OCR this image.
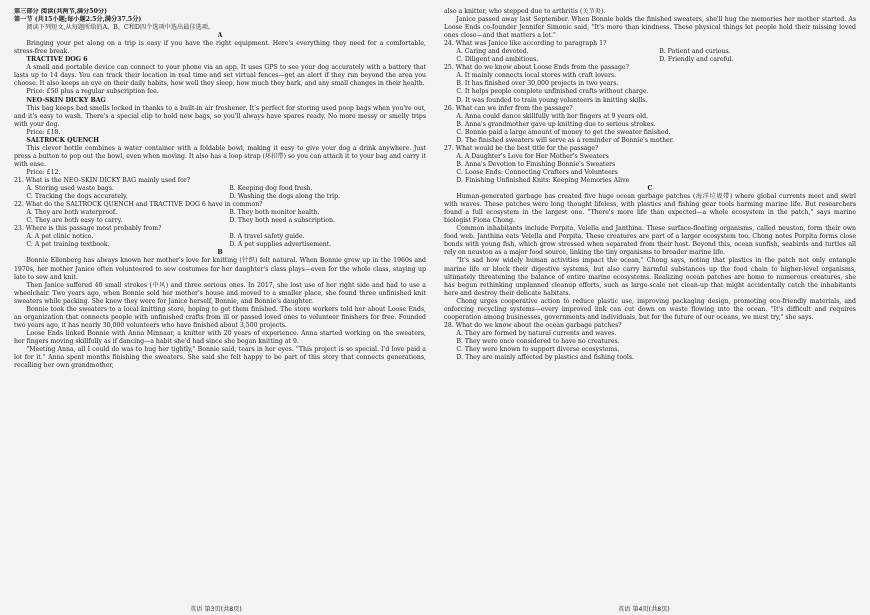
第三部分 阅读(共两节,满分50分)

第一节 (共15小题;每小题2.5分,满分37.5分)

阅读下列短文,从每题所给的A、B、C和D四个选项中选出最佳选项。

A

Bringing your pet along on a trip is easy if you have the right equipment. Here's everything they need for a comfortable, stress-free break.

TRACTIVE DOG 6

A small and portable device can connect to your phone via an app. It uses GPS to see your dog accurately with a battery that lasts up to 14 days. You can track their location in real time and set virtual fences—get an alert if they run beyond the area you choose. It also keeps an eye on their daily habits, how well they sleep, how much they bark, and any small changes in their health.

Price: £50 plus a regular subscription fee.

NEO-SKIN DICKY BAG

This bag keeps bad smells locked in thanks to a built-in air freshener. It's perfect for storing used poop bags when you're out, and it's easy to wash. There's a special clip to hold new bags, so you'll always have spares ready. No more messy or smelly trips with your dog.

Price: £18.

SALTROCK QUENCH

This clever bottle combines a water container with a foldable bowl, making it easy to give your dog a drink anywhere. Just press a button to pop out the bowl, even when moving. It also has a loop strap (环扣带) so you can attach it to your bag and carry it with ease.

Price: £12.

21. What is the NEO-SKIN DICKY BAG mainly used for?

A. Storing used waste bags.	B. Keeping dog food fresh.
C. Tracking the dogs accurately.	D. Washing the dogs along the trip.

22. What do the SALTROCK QUENCH and TRACTIVE DOG 6 have in common?

A. They are both waterproof.	B. They both monitor health.
C. They are both easy to carry.	D. They both need a subscription.

23. Where is this passage most probably from?

A. A pet clinic notice.	B. A travel safety guide.
C. A pet training textbook.	D. A pet supplies advertisement.

B

Bonnie Ellenberg has always known her mother's love for knitting (针织) felt natural. When Bonnie grew up in the 1960s and 1970s, her mother Janice often volunteered to sew costumes for her daughter's class plays—even for the whole class, staying up late to sew and knit.

Then Janice suffered 40 small strokes (中风) and three serious ones. In 2017, she lost use of her right side and had to use a wheelchair. Two years ago, when Bonnie sold her mother's house and moved to a smaller place, she found three unfinished knit sweaters while packing. She knew they were for Janice herself, Bonnie, and Bonnie's daughter.

Bonnie took the sweaters to a local knitting store, hoping to get them finished. The store workers told her about Loose Ends, an organization that connects people with unfinished crafts from ill or passed loved ones to volunteer finishers for free. Founded two years ago, it has nearly 30,000 volunteers who have finished about 3,500 projects.

Loose Ends linked Bonnie with Anna Minnaar, a knitter with 20 years of experience. Anna started working on the sweaters, her fingers moving skillfully as if dancing—a habit she'd had since she began knitting at 9.

"Meeting Anna, all I could do was to hug her tightly," Bonnie said, tears in her eyes. "This project is so special. I'd love paid a lot for it." Anna spent months finishing the sweaters. She said she felt happy to be part of this story that connects generations, recalling her own grandmother,

also a knitter, who stepped due to arthritis (关节炎).

Janice passed away last September. When Bonnie holds the finished sweaters, she'll hug the memories her mother started. As Loose Ends co-founder Jennifer Simonic said, "It's more than kindness. These physical things let people hold their missing loved ones close—and that matters a lot."

24. What was Janice like according to paragraph 1?

A. Caring and devoted.	B. Patient and curious.
C. Diligent and ambitious.	D. Friendly and careful.

25. What do we know about Loose Ends from the passage?

A. It mainly connects local stores with craft lovers.
B. It has finished over 30,000 projects in two years.
C. It helps people complete unfinished crafts without charge.
D. It was founded to train young volunteers in knitting skills.

26. What can we infer from the passage?

A. Anna could dance skillfully with her fingers at 9 years old.
B. Anna's grandmother gave up knitting due to serious strokes.
C. Bonnie paid a large amount of money to get the sweater finished.
D. The finished sweaters will serve as a reminder of Bonnie's mother.

27. What would be the best title for the passage?

A. A Daughter's Love for Her Mother's Sweaters
B. Anna's Devotion to Finishing Bonnie's Sweaters
C. Loose Ends: Connecting Crafters and Volunteers
D. Finishing Unfinished Knits: Keeping Memories Alive

C

Human-generated garbage has created five huge ocean garbage patches (海洋垃圾带) where global currents meet and swirl with waves. These patches were long thought lifeless, with plastics and fishing gear tools harming marine life. But researchers found a full ecosystem in the largest one. "There's more life than expected—a whole ecosystem in the patch," says marine biologist Fiona Chong.

Common inhabitants include Porpita, Velella and Janthina. These surface-floating organisms, called neuston, form their own food web. Janthina eats Velella and Porpita. These creatures are part of a larger ecosystem too. Chong notes Porpita forms close bonds with young fish, which grow stressed when separated from their host. Beyond this, ocean sunfish, seabirds and turtles all rely on neuston as a major food source, linking the tiny organisms to broader marine life.

"It's sad how widely human activities impact the ocean," Chong says, noting that plastics in the patch not only entangle marine life or block their digestive systems, but also carry harmful substances up the food chain to higher-level organisms, ultimately threatening the balance of entire marine ecosystems. Realizing ocean patches are home to numerous creatures, she has begun rethinking unplanned cleanup efforts, such as large-scale net clean-up that might accidentally catch the inhabitants here and destroy their delicate habitats.

Chong urges cooperative action to reduce plastic use, improving packaging design, promoting eco-friendly materials, and enforcing recycling systems—every improved link can cut down on waste flowing into the ocean. "It's difficult and requires cooperation among businesses, governments and individuals, but for the future of our oceans, we must try," she says.

28. What do we know about the ocean garbage patches?

A. They are formed by natural currents and waves.
B. They were once considered to have no creatures.
C. They were known to support diverse ecosystems.
D. They are mainly affected by plastics and fishing tools.
英语 第3页(共8页)	英语 第4页(共8页)
